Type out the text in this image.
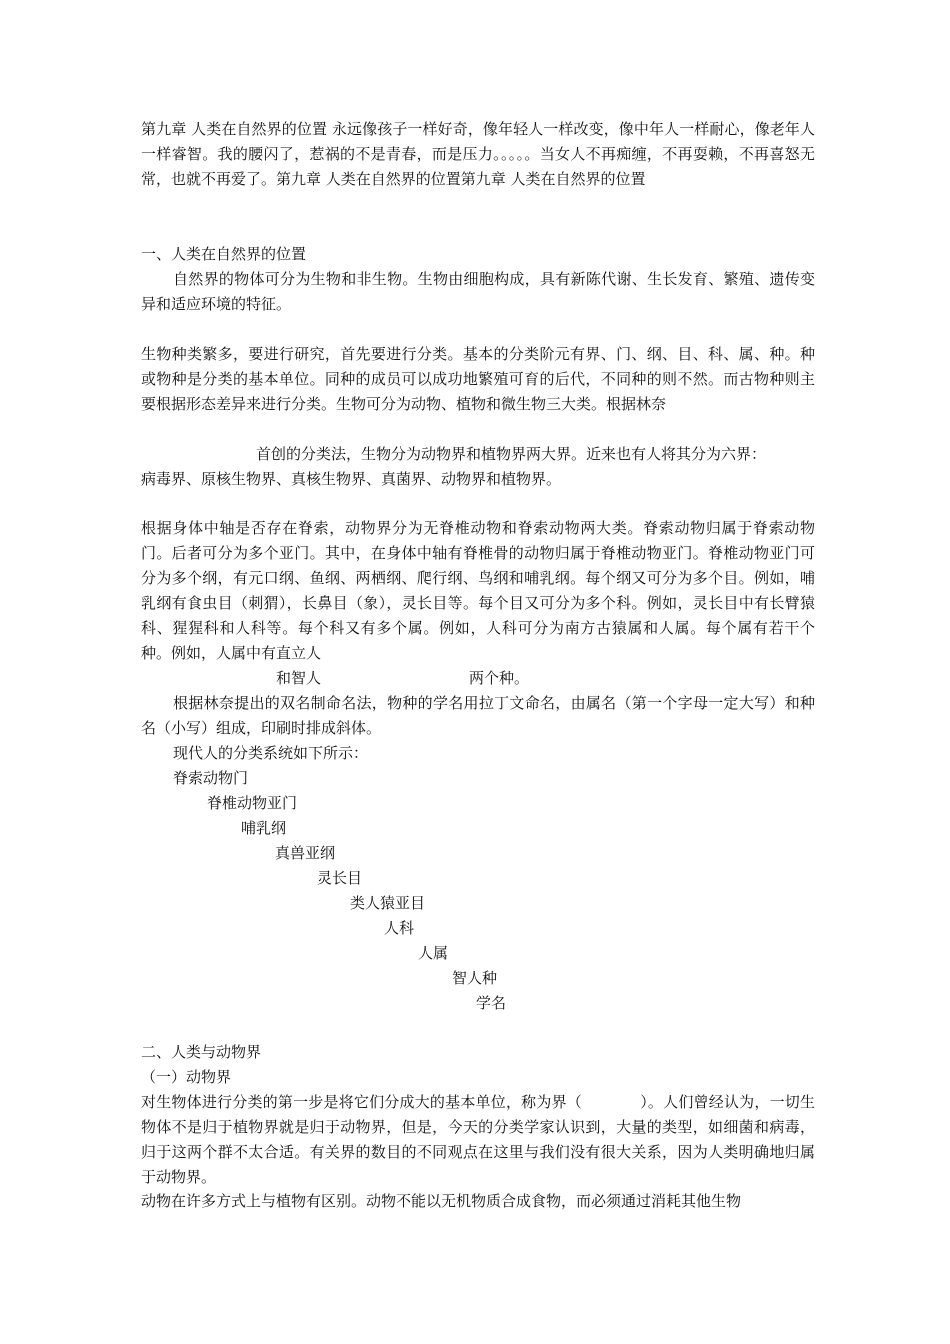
第九章 人类在自然界的位置 永远像孩子一样好奇，像年轻人一样改变，像中年人一样耐心，像老年人一样睿智。我的腰闪了，惹祸的不是青春，而是压力。。。。。当女人不再痴缠，不再耍赖，不再喜怒无常，也就不再爱了。第九章 人类在自然界的位置第九章 人类在自然界的位置

一、人类在自然界的位置

自然界的物体可分为生物和非生物。生物由细胞构成，具有新陈代谢、生长发育、繁殖、遗传变异和适应环境的特征。

生物种类繁多，要进行研究，首先要进行分类。基本的分类阶元有界、门、纲、目、科、属、种。种或物种是分类的基本单位。同种的成员可以成功地繁殖可育的后代，不同种的则不然。而古物种则主要根据形态差异来进行分类。生物可分为动物、植物和微生物三大类。根据林奈

首创的分类法，生物分为动物界和植物界两大界。近来也有人将其分为六界：

病毒界、原核生物界、真核生物界、真菌界、动物界和植物界。

根据身体中轴是否存在脊索，动物界分为无脊椎动物和脊索动物两大类。脊索动物归属于脊索动物门。后者可分为多个亚门。其中，在身体中轴有脊椎骨的动物归属于脊椎动物亚门。脊椎动物亚门可分为多个纲，有元口纲、鱼纲、两栖纲、爬行纲、鸟纲和哺乳纲。每个纲又可分为多个目。例如，哺乳纲有食虫目（刺猬），长鼻目（象），灵长目等。每个目又可分为多个科。例如，灵长目中有长臂猿科、猩猩科和人科等。每个科又有多个属。例如，人科可分为南方古猿属和人属。每个属有若干个种。例如，人属中有直立人

和智人	两个种。

根据林奈提出的双名制命名法，物种的学名用拉丁文命名，由属名（第一个字母一定大写）和种名（小写）组成，印刷时排成斜体。

现代人的分类系统如下所示：

脊索动物门

脊椎动物亚门

哺乳纲

真兽亚纲

灵长目

类人猿亚目

人科

人属

智人种

学名

二、人类与动物界

（一）动物界

对生物体进行分类的第一步是将它们分成大的基本单位，称为界（	）。人们曾经认为，一切生物体不是归于植物界就是归于动物界，但是，今天的分类学家认识到，大量的类型，如细菌和病毒，归于这两个群不太合适。有关界的数目的不同观点在这里与我们没有很大关系，因为人类明确地归属于动物界。

动物在许多方式上与植物有区别。动物不能以无机物质合成食物，而必须通过消耗其他生物
